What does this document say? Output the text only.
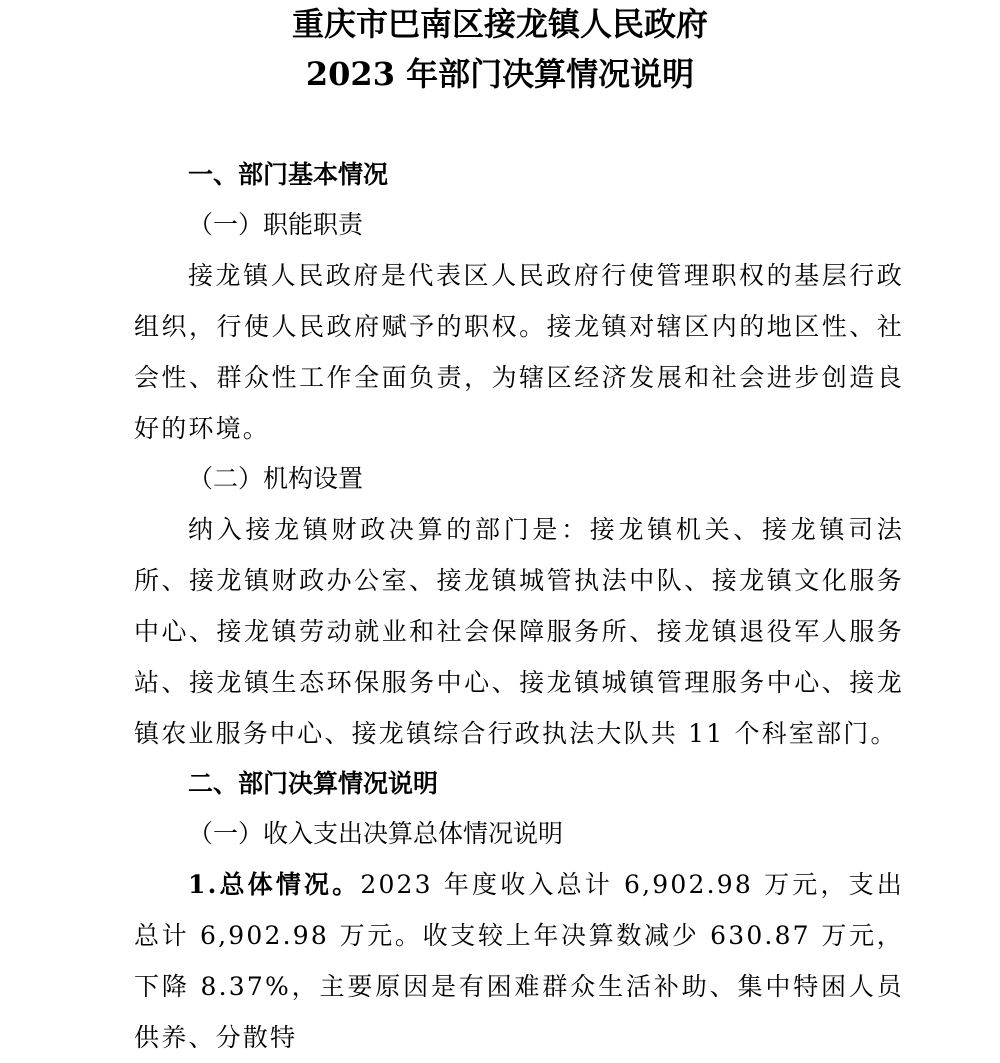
重庆市巴南区接龙镇人民政府
2023 年部门决算情况说明

一、部门基本情况

（一）职能职责

接龙镇人民政府是代表区人民政府行使管理职权的基层行政组织，行使人民政府赋予的职权。接龙镇对辖区内的地区性、社会性、群众性工作全面负责，为辖区经济发展和社会进步创造良好的环境。

（二）机构设置

纳入接龙镇财政决算的部门是：接龙镇机关、接龙镇司法所、接龙镇财政办公室、接龙镇城管执法中队、接龙镇文化服务中心、接龙镇劳动就业和社会保障服务所、接龙镇退役军人服务站、接龙镇生态环保服务中心、接龙镇城镇管理服务中心、接龙镇农业服务中心、接龙镇综合行政执法大队共 11 个科室部门。

二、部门决算情况说明

（一）收入支出决算总体情况说明

1.总体情况。2023 年度收入总计 6,902.98 万元，支出总计 6,902.98 万元。收支较上年决算数减少 630.87 万元，下降 8.37%，主要原因是有困难群众生活补助、集中特困人员供养、分散特
